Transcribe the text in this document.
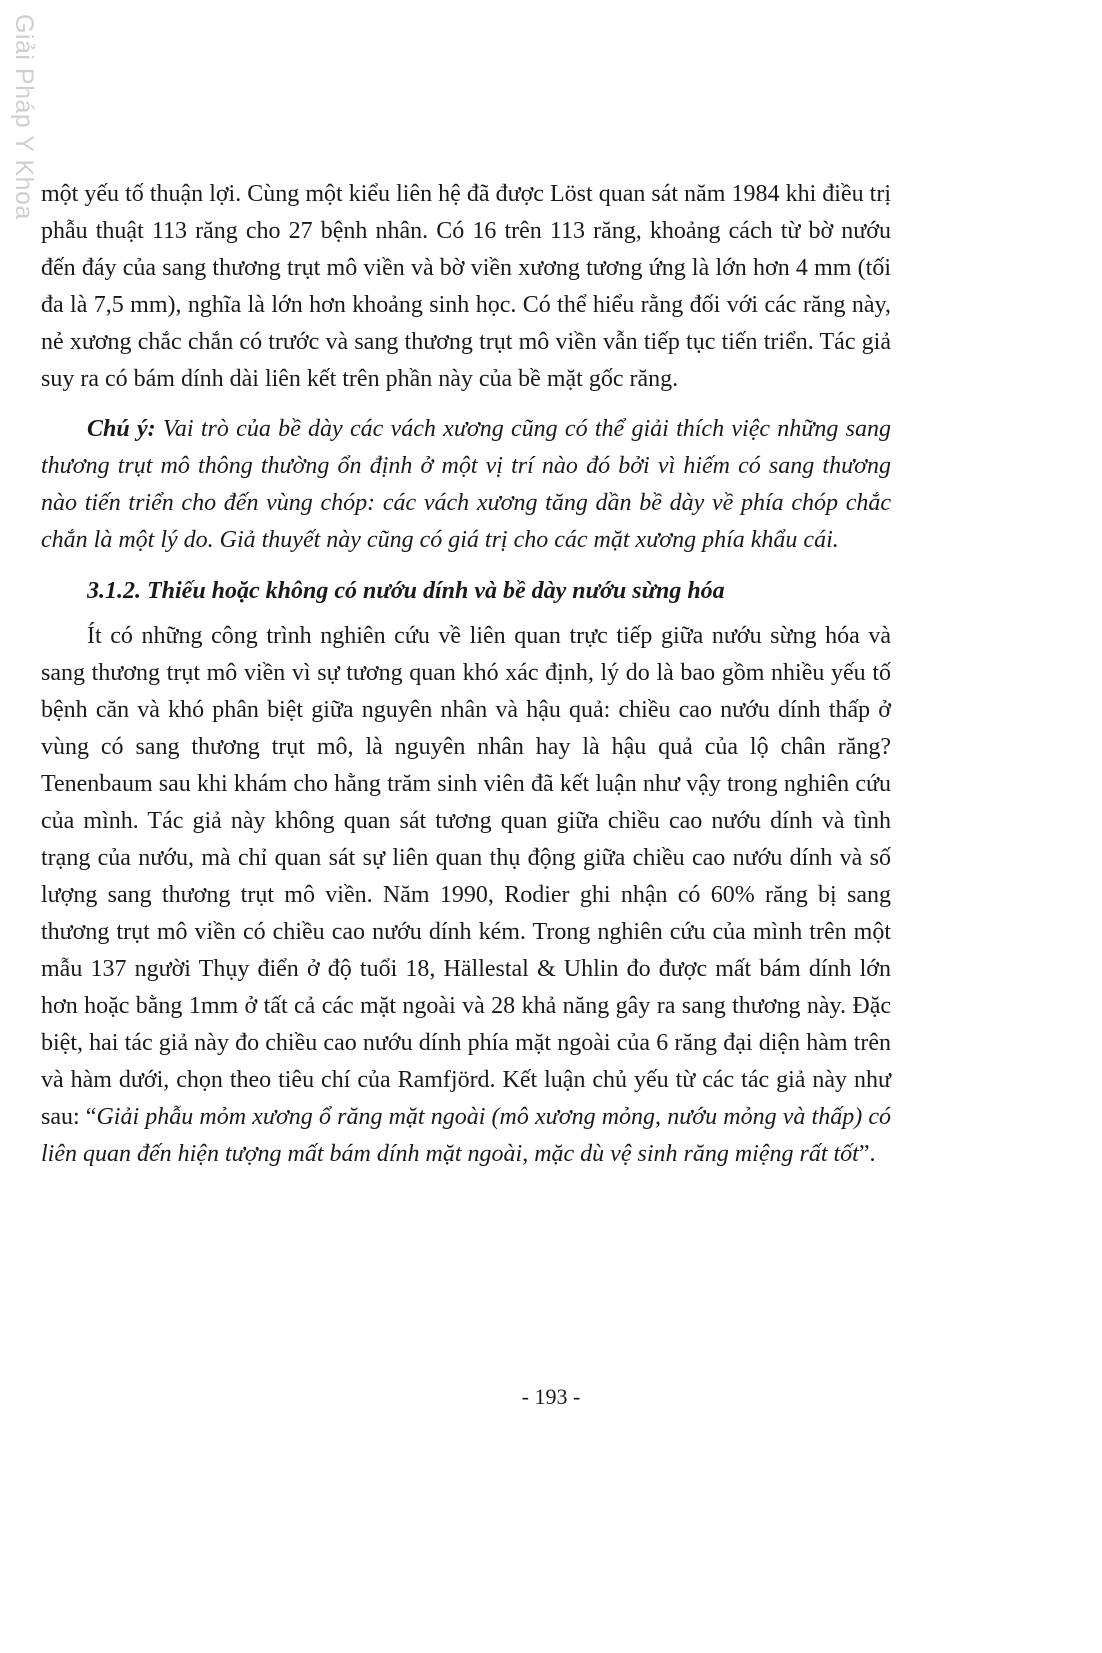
Giải Pháp Y Khoa một yếu tố thuận lợi. Cùng một kiểu liên hệ đã được Löst quan sát năm 1984 khi điều trị phẫu thuật 113 răng cho 27 bệnh nhân. Có 16 trên 113 răng, khoảng cách từ bờ nướu đến đáy của sang thương trụt mô viền và bờ viền xương tương ứng là lớn hơn 4 mm (tối đa là 7,5 mm), nghĩa là lớn hơn khoảng sinh học. Có thể hiểu rằng đối với các răng này, nẻ xương chắc chắn có trước và sang thương trụt mô viền vẫn tiếp tục tiến triển. Tác giả suy ra có bám dính dài liên kết trên phần này của bề mặt gốc răng.

Chú ý: Vai trò của bề dày các vách xương cũng có thể giải thích việc những sang thương trụt mô thông thường ổn định ở một vị trí nào đó bởi vì hiếm có sang thương nào tiến triển cho đến vùng chóp: các vách xương tăng dần bề dày về phía chóp chắc chắn là một lý do. Giả thuyết này cũng có giá trị cho các mặt xương phía khẩu cái.

3.1.2. Thiếu hoặc không có nướu dính và bề dày nướu sừng hóa

Ít có những công trình nghiên cứu về liên quan trực tiếp giữa nướu sừng hóa và sang thương trụt mô viền vì sự tương quan khó xác định, lý do là bao gồm nhiều yếu tố bệnh căn và khó phân biệt giữa nguyên nhân và hậu quả: chiều cao nướu dính thấp ở vùng có sang thương trụt mô, là nguyên nhân hay là hậu quả của lộ chân răng? Tenenbaum sau khi khám cho hằng trăm sinh viên đã kết luận như vậy trong nghiên cứu của mình. Tác giả này không quan sát tương quan giữa chiều cao nướu dính và tình trạng của nướu, mà chỉ quan sát sự liên quan thụ động giữa chiều cao nướu dính và số lượng sang thương trụt mô viền. Năm 1990, Rodier ghi nhận có 60% răng bị sang thương trụt mô viền có chiều cao nướu dính kém. Trong nghiên cứu của mình trên một mẫu 137 người Thụy điển ở độ tuổi 18, Hällestal & Uhlin đo được mất bám dính lớn hơn hoặc bằng 1mm ở tất cả các mặt ngoài và 28 khả năng gây ra sang thương này. Đặc biệt, hai tác giả này đo chiều cao nướu dính phía mặt ngoài của 6 răng đại diện hàm trên và hàm dưới, chọn theo tiêu chí của Ramfjörd. Kết luận chủ yếu từ các tác giả này như sau: “Giải phẫu mỏm xương ổ răng mặt ngoài (mô xương mỏng, nướu mỏng và thấp) có liên quan đến hiện tượng mất bám dính mặt ngoài, mặc dù vệ sinh răng miệng rất tốt”.

- 193 -
